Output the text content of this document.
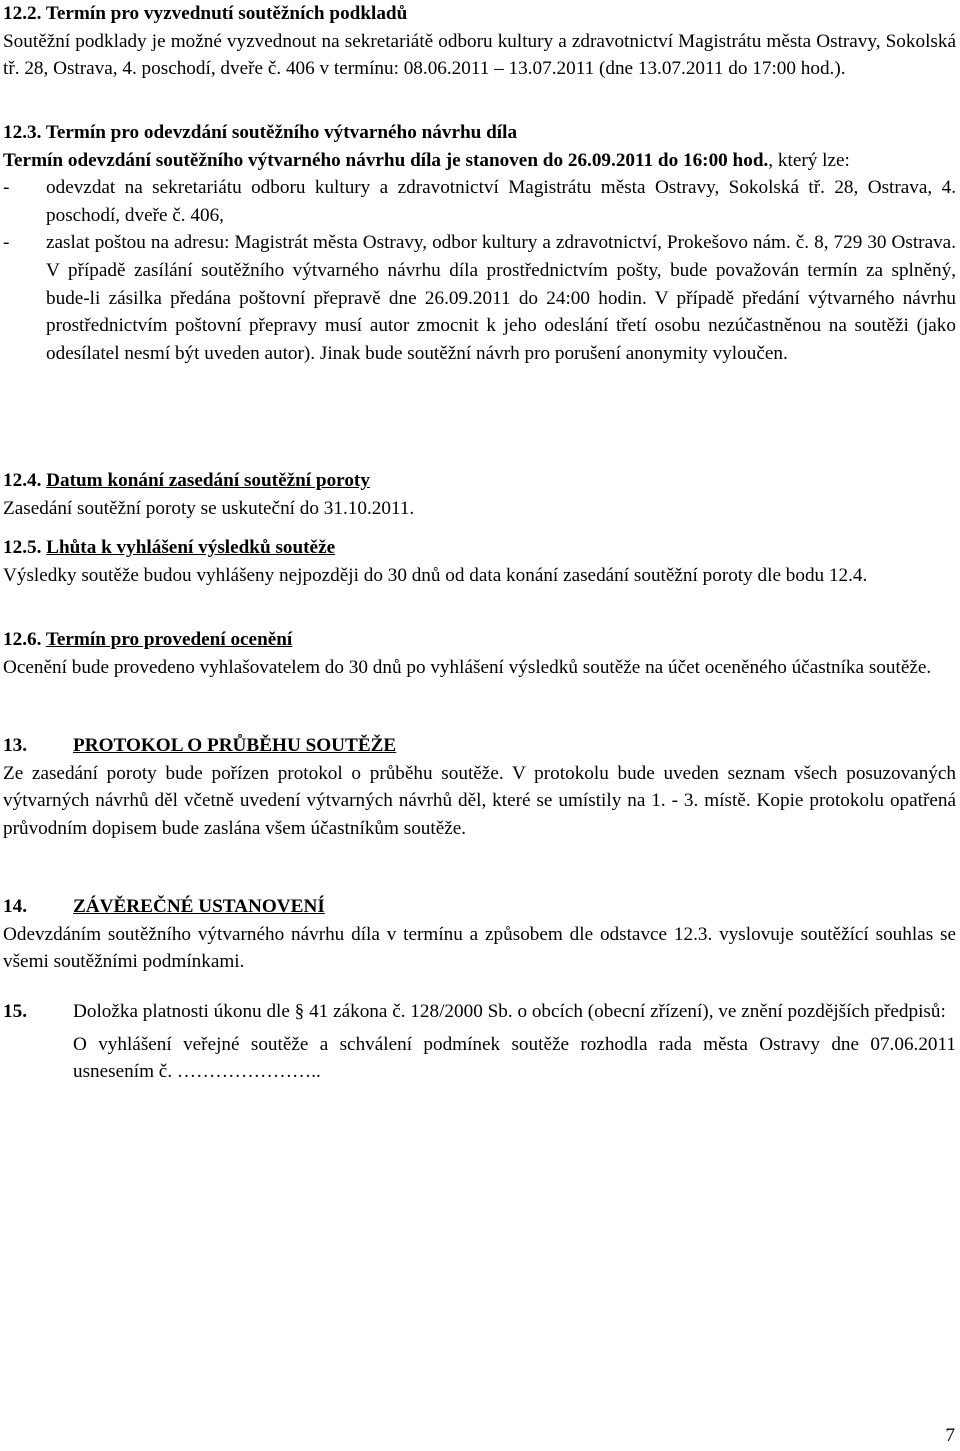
12.2. Termín pro vyzvednutí soutěžních podkladů
Soutěžní podklady je možné vyzvednout na sekretariátě odboru kultury a zdravotnictví Magistrátu města Ostravy, Sokolská tř. 28, Ostrava, 4. poschodí, dveře č. 406 v termínu: 08.06.2011 – 13.07.2011 (dne 13.07.2011 do 17:00 hod.).
12.3. Termín pro odevzdání soutěžního výtvarného návrhu díla
Termín odevzdání soutěžního výtvarného návrhu díla je stanoven do 26.09.2011 do 16:00 hod., který lze:
- odevzdat na sekretariátu odboru kultury a zdravotnictví Magistrátu města Ostravy, Sokolská tř. 28, Ostrava, 4. poschodí, dveře č. 406,
- zaslat poštou na adresu: Magistrát města Ostravy, odbor kultury a zdravotnictví, Prokešovo nám. č. 8, 729 30 Ostrava. V případě zasílání soutěžního výtvarného návrhu díla prostřednictvím pošty, bude považován termín za splněný, bude-li zásilka předána poštovní přepravě dne 26.09.2011 do 24:00 hodin. V případě předání výtvarného návrhu prostřednictvím poštovní přepravy musí autor zmocnit k jeho odeslání třetí osobu nezúčastněnou na soutěži (jako odesílatel nesmí být uveden autor). Jinak bude soutěžní návrh pro porušení anonymity vyloučen.
12.4. Datum konání zasedání soutěžní poroty
Zasedání soutěžní poroty se uskuteční do 31.10.2011.
12.5. Lhůta k vyhlášení výsledků soutěže
Výsledky soutěže budou vyhlášeny nejpozději do 30 dnů od data konání zasedání soutěžní poroty dle bodu 12.4.
12.6. Termín pro provedení ocenění
Ocenění bude provedeno vyhlašovatelem do 30 dnů po vyhlášení výsledků soutěže na účet oceněného účastníka soutěže.
13. PROTOKOL O PRŮBĚHU SOUTĚŽE
Ze zasedání poroty bude pořízen protokol o průběhu soutěže. V protokolu bude uveden seznam všech posuzovaných výtvarných návrhů děl včetně uvedení výtvarných návrhů děl, které se umístily na 1. - 3. místě. Kopie protokolu opatřená průvodním dopisem bude zaslána všem účastníkům soutěže.
14. ZÁVĚREČNÉ USTANOVENÍ
Odevzdáním soutěžního výtvarného návrhu díla v termínu a způsobem dle odstavce 12.3. vyslovuje soutěžící souhlas se všemi soutěžními podmínkami.
15. Doložka platnosti úkonu dle § 41 zákona č. 128/2000 Sb. o obcích (obecní zřízení), ve znění pozdějších předpisů:
O vyhlášení veřejné soutěže a schválení podmínek soutěže rozhodla rada města Ostravy dne 07.06.2011 usnesením č. …………………..
7
